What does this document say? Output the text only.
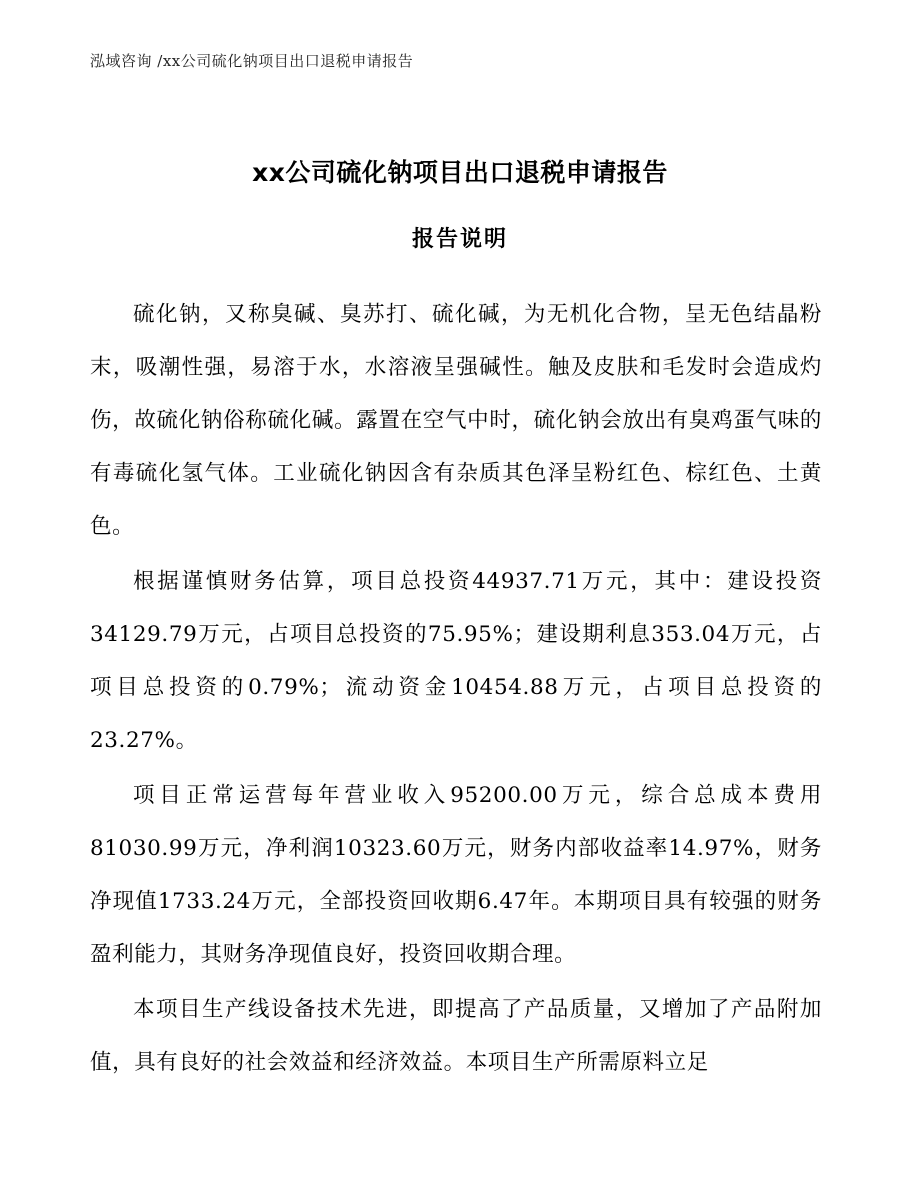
泓域咨询 /xx公司硫化钠项目出口退税申请报告
xx公司硫化钠项目出口退税申请报告
报告说明

硫化钠，又称臭碱、臭苏打、硫化碱，为无机化合物，呈无色结晶粉末，吸潮性强，易溶于水，水溶液呈强碱性。触及皮肤和毛发时会造成灼伤，故硫化钠俗称硫化碱。露置在空气中时，硫化钠会放出有臭鸡蛋气味的有毒硫化氢气体。工业硫化钠因含有杂质其色泽呈粉红色、棕红色、土黄色。

根据谨慎财务估算，项目总投资44937.71万元，其中：建设投资34129.79万元，占项目总投资的75.95%；建设期利息353.04万元，占项目总投资的0.79%；流动资金10454.88万元，占项目总投资的23.27%。

项目正常运营每年营业收入95200.00万元，综合总成本费用81030.99万元，净利润10323.60万元，财务内部收益率14.97%，财务净现值1733.24万元，全部投资回收期6.47年。本期项目具有较强的财务盈利能力，其财务净现值良好，投资回收期合理。

本项目生产线设备技术先进，即提高了产品质量，又增加了产品附加值，具有良好的社会效益和经济效益。本项目生产所需原料立足
